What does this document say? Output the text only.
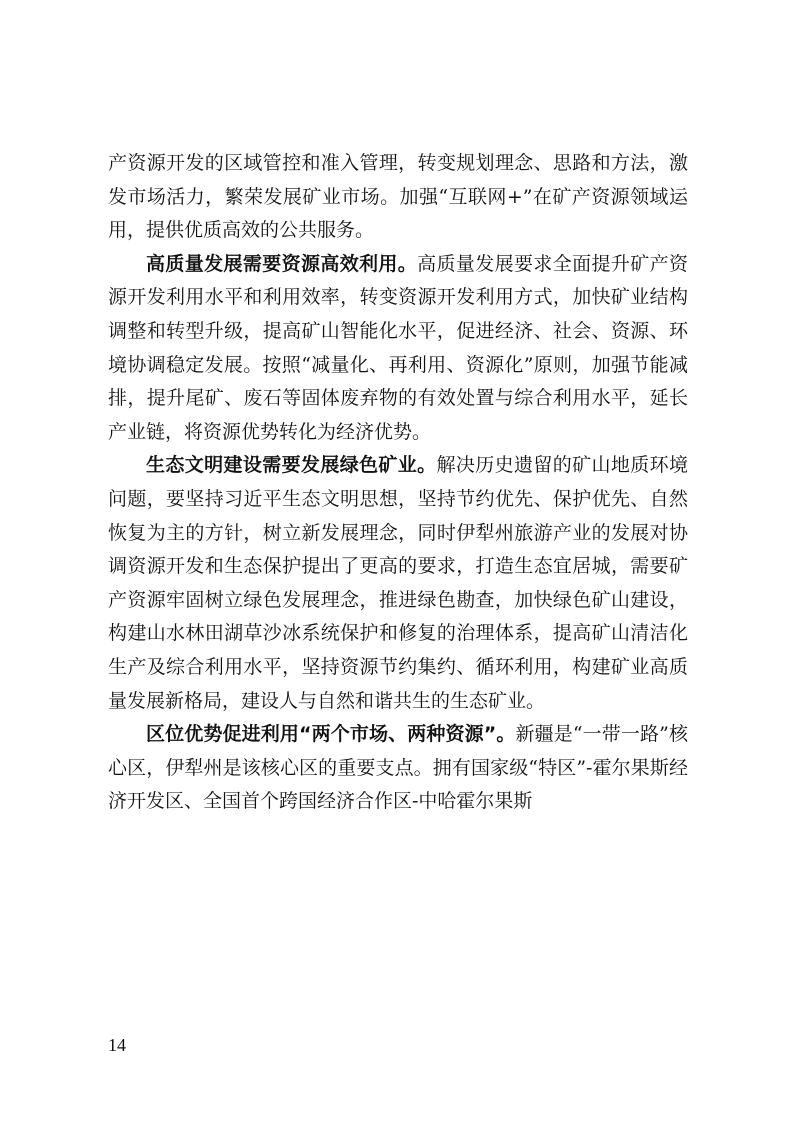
产资源开发的区域管控和准入管理，转变规划理念、思路和方法，激发市场活力，繁荣发展矿业市场。加强“互联网+”在矿产资源领域运用，提供优质高效的公共服务。

高质量发展需要资源高效利用。高质量发展要求全面提升矿产资源开发利用水平和利用效率，转变资源开发利用方式，加快矿业结构调整和转型升级，提高矿山智能化水平，促进经济、社会、资源、环境协调稳定发展。按照“减量化、再利用、资源化”原则，加强节能减排，提升尾矿、废石等固体废弃物的有效处置与综合利用水平，延长产业链，将资源优势转化为经济优势。

生态文明建设需要发展绿色矿业。解决历史遗留的矿山地质环境问题，要坚持习近平生态文明思想，坚持节约优先、保护优先、自然恢复为主的方针，树立新发展理念，同时伊犁州旅游产业的发展对协调资源开发和生态保护提出了更高的要求，打造生态宜居城，需要矿产资源牢固树立绿色发展理念，推进绿色勘查，加快绿色矿山建设，构建山水林田湖草沙冰系统保护和修复的治理体系，提高矿山清洁化生产及综合利用水平，坚持资源节约集约、循环利用，构建矿业高质量发展新格局，建设人与自然和谐共生的生态矿业。

区位优势促进利用“两个市场、两种资源”。新疆是“一带一路”核心区，伊犁州是该核心区的重要支点。拥有国家级“特区”-霍尔果斯经济开发区、全国首个跨国经济合作区-中哈霍尔果斯

14
